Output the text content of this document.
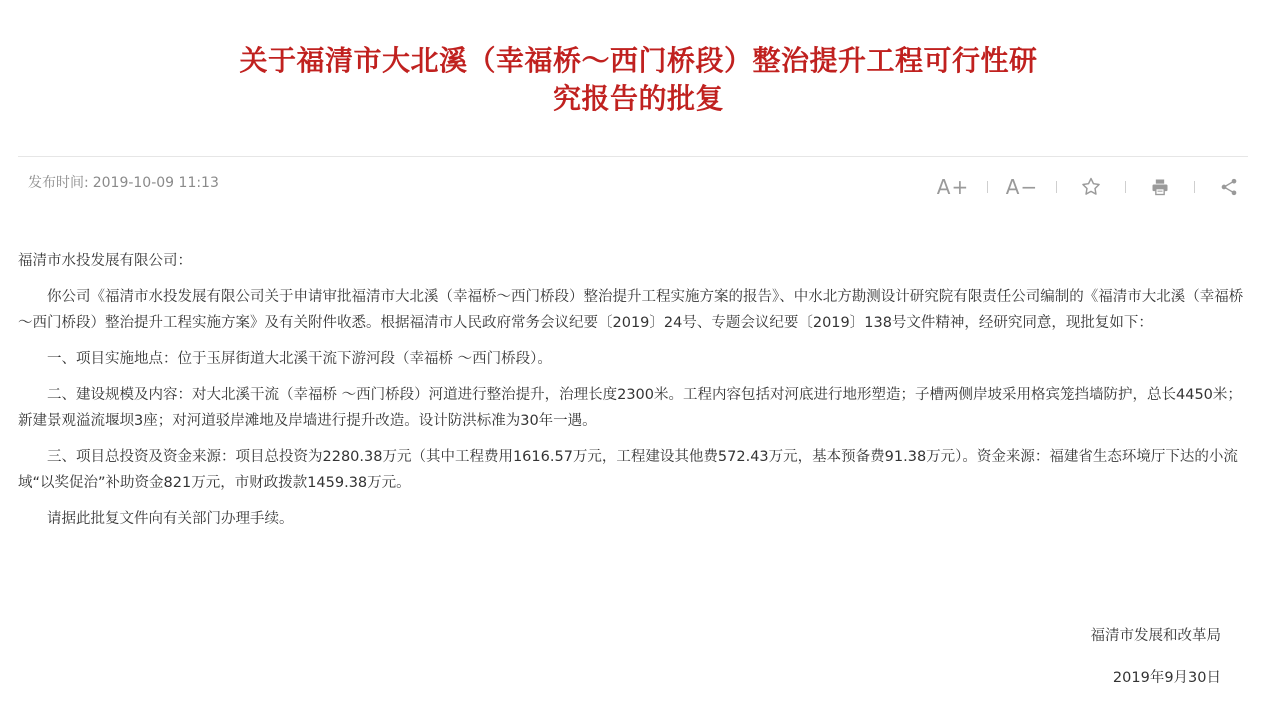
关于福清市大北溪（幸福桥～西门桥段）整治提升工程可行性研
究报告的批复
发布时间: 2019-10-09 11:13	A+ A−

福清市水投发展有限公司：

你公司《福清市水投发展有限公司关于申请审批福清市大北溪（幸福桥～西门桥段）整治提升工程实施方案的报告》、中水北方勘测设计研究院有限责任公司编制的《福清市大北溪（幸福桥～西门桥段）整治提升工程实施方案》及有关附件收悉。根据福清市人民政府常务会议纪要〔2019〕24号、专题会议纪要〔2019〕138号文件精神，经研究同意，现批复如下：

一、项目实施地点：位于玉屏街道大北溪干流下游河段（幸福桥 ～西门桥段）。

二、建设规模及内容：对大北溪干流（幸福桥 ～西门桥段）河道进行整治提升，治理长度2300米。工程内容包括对河底进行地形塑造；子槽两侧岸坡采用格宾笼挡墙防护，总长4450米；新建景观溢流堰坝3座；对河道驳岸滩地及岸墙进行提升改造。设计防洪标准为30年一遇。

三、项目总投资及资金来源：项目总投资为2280.38万元（其中工程费用1616.57万元，工程建设其他费572.43万元，基本预备费91.38万元）。资金来源：福建省生态环境厅下达的小流域“以奖促治”补助资金821万元，市财政拨款1459.38万元。

请据此批复文件向有关部门办理手续。

福清市发展和改革局
2019年9月30日
